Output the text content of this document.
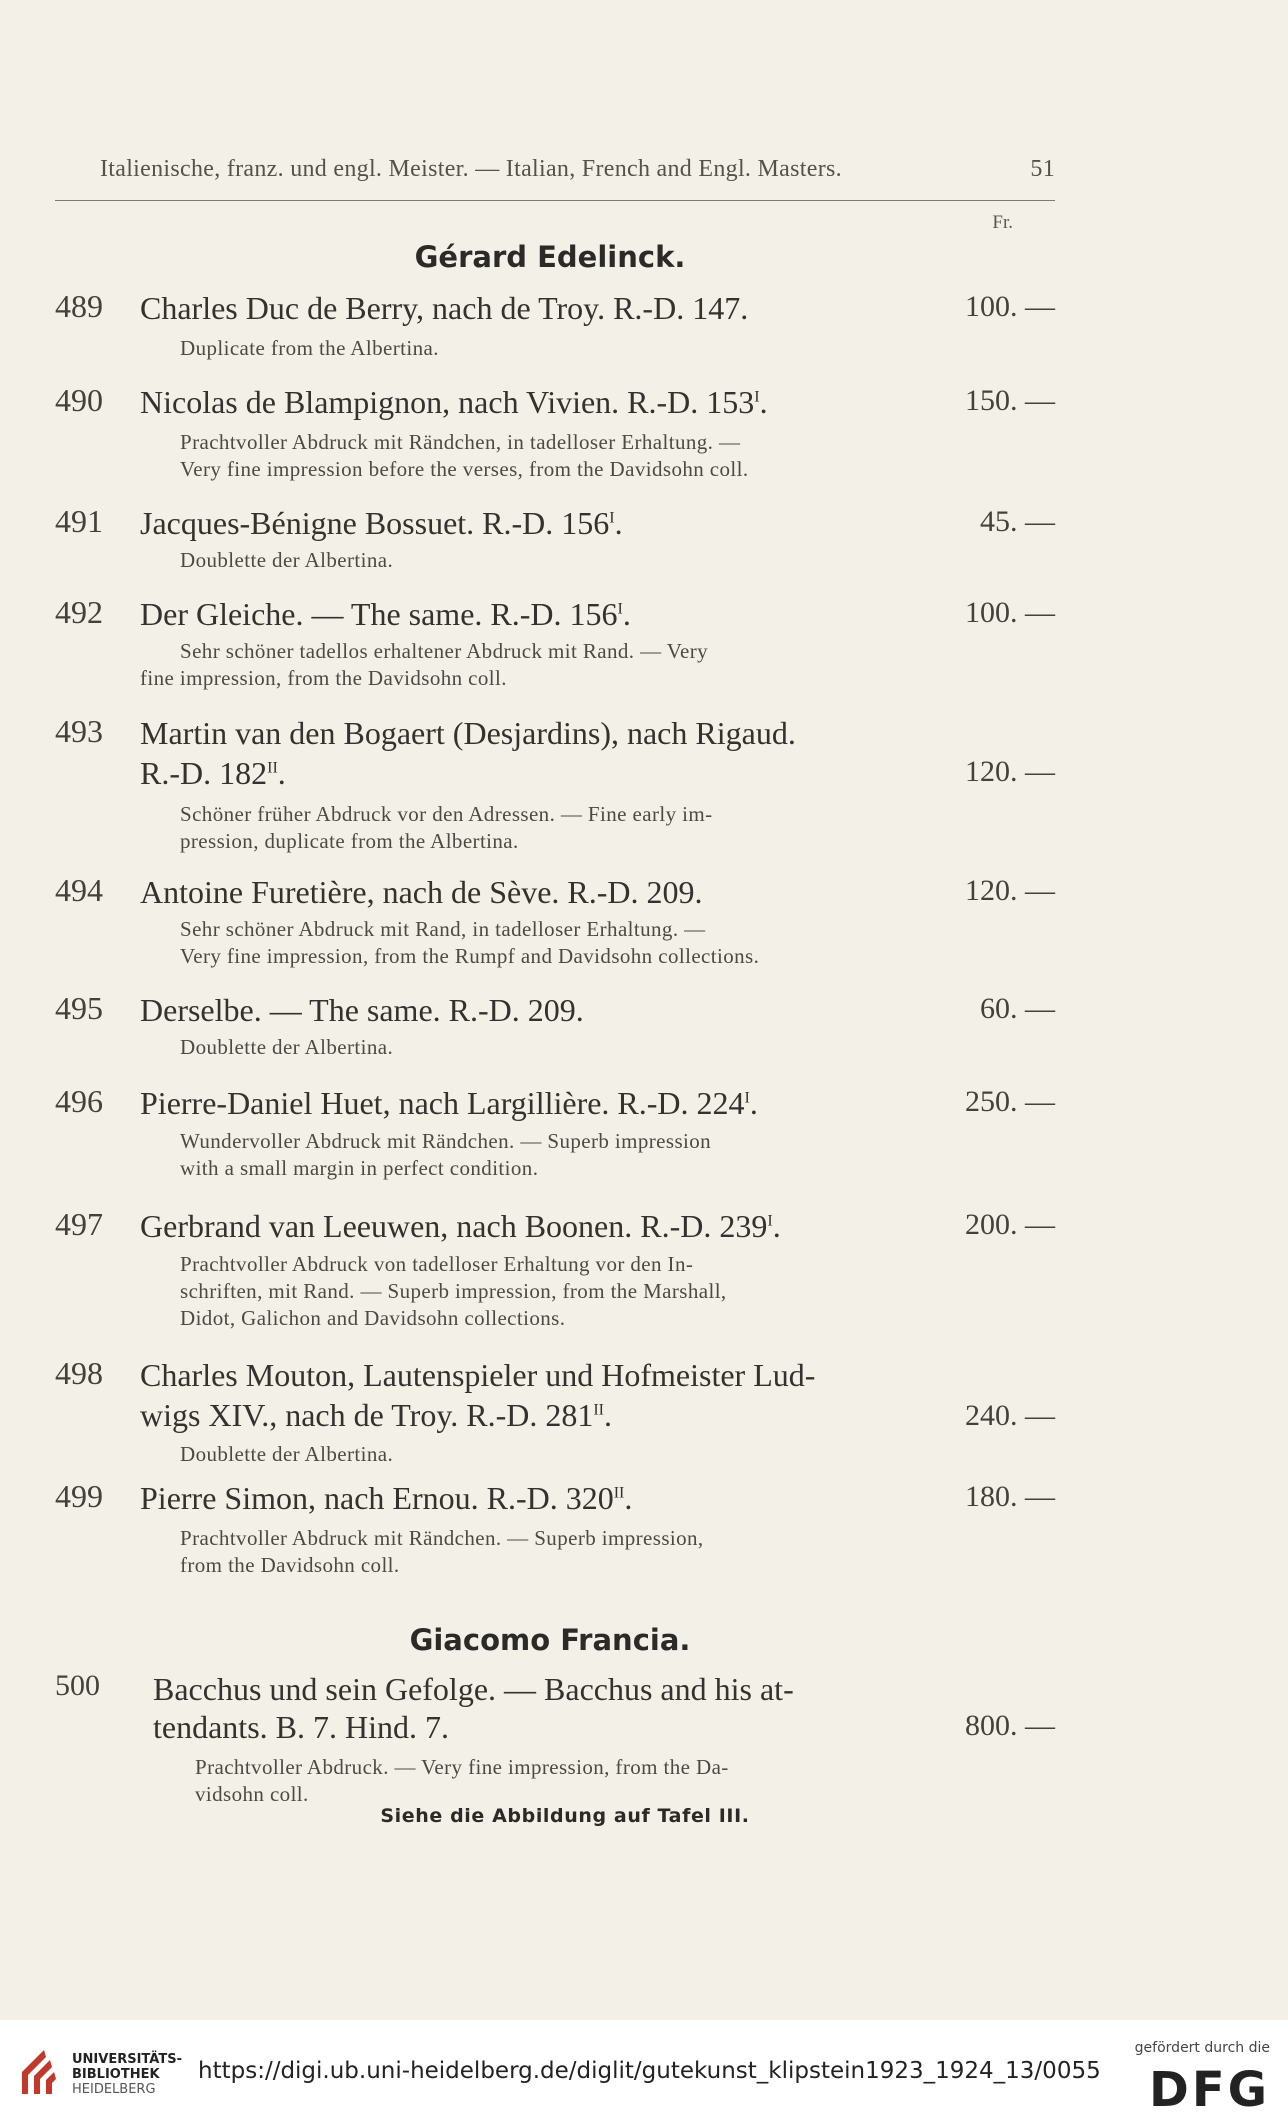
Italienische, franz. und engl. Meister. — Italian, French and Engl. Masters.	51
Fr.
Gérard Edelinck.
489 Charles Duc de Berry, nach de Troy. R.-D. 147.	100. —
Duplicate from the Albertina.
490 Nicolas de Blampignon, nach Vivien. R.-D. $153^I$.	150. —
Prachtvoller Abdruck mit Rändchen, in tadelloser Erhaltung. —
Very fine impression before the verses, from the Davidsohn coll.
491 Jacques-Bénigne Bossuet. R.-D. $156^I$.	45. —
Doublette der Albertina.
492 Der Gleiche. — The same. R.-D. $156^I$.	100. —
Sehr schöner tadellos erhaltener Abdruck mit Rand. — Very
fine impression, from the Davidsohn coll.
493 Martin van den Bogaert (Desjardins), nach Rigaud.
R.-D. $182^{II}$.	120. —
Schöner früher Abdruck vor den Adressen. — Fine early im-
pression, duplicate from the Albertina.
494 Antoine Furetière, nach de Sève. R.-D. 209.	120. —
Sehr schöner Abdruck mit Rand, in tadelloser Erhaltung. —
Very fine impression, from the Rumpf and Davidsohn collections.
495 Derselbe. — The same. R.-D. 209.	60. —
Doublette der Albertina.
496 Pierre-Daniel Huet, nach Largillière. R.-D. $224^I$.	250. —
Wundervoller Abdruck mit Rändchen. — Superb impression
with a small margin in perfect condition.
497 Gerbrand van Leeuwen, nach Boonen. R.-D. $239^I$.	200. —
Prachtvoller Abdruck von tadelloser Erhaltung vor den In-
schriften, mit Rand. — Superb impression, from the Marshall,
Didot, Galichon and Davidsohn collections.
498 Charles Mouton, Lautenspieler und Hofmeister Lud-
wigs XIV., nach de Troy. R.-D. $281^{II}$.	240. —
Doublette der Albertina.
499 Pierre Simon, nach Ernou. R.-D. $320^{II}$.	180. —
Prachtvoller Abdruck mit Rändchen. — Superb impression,
from the Davidsohn coll.
Giacomo Francia.
500 Bacchus und sein Gefolge. — Bacchus and his at-
tendants. B. 7. Hind. 7.	800. —
Prachtvoller Abdruck. — Very fine impression, from the Da-
vidsohn coll.
Siehe die Abbildung auf Tafel III.
UNIVERSITÄTS-
BIBLIOTHEK
HEIDELBERG
https://digi.ub.uni-heidelberg.de/diglit/gutekunst_klipstein1923_1924_13/0055
gefördert durch die
DFG
